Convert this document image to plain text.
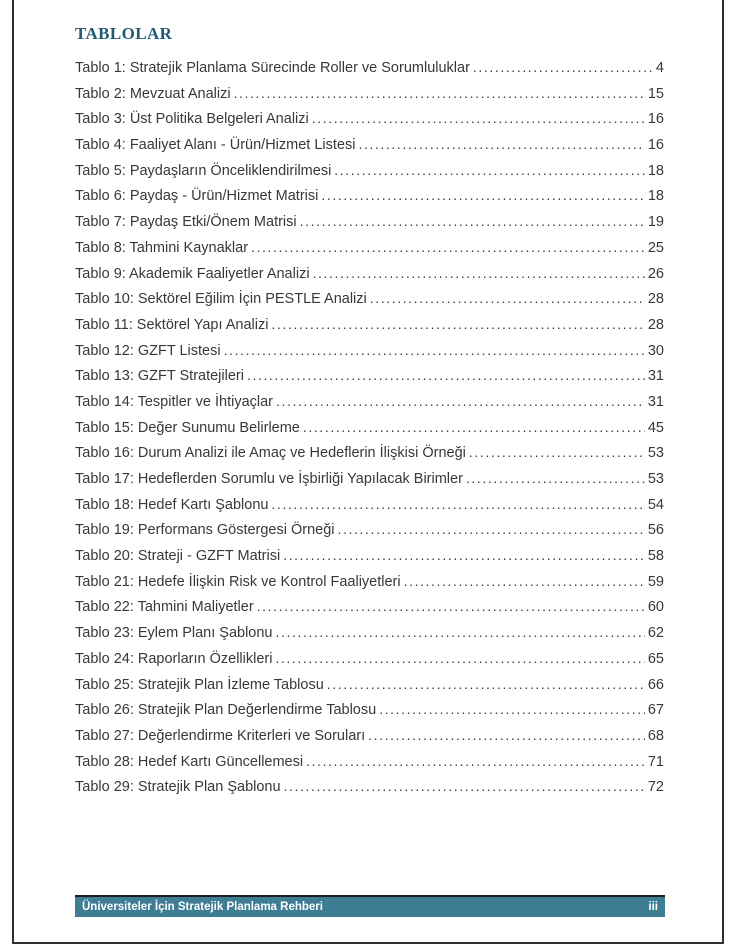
TABLOLAR
Tablo 1: Stratejik Planlama Sürecinde Roller ve Sorumluluklar .....	4
Tablo 2: Mevzuat Analizi .....	15
Tablo 3: Üst Politika Belgeleri Analizi .....	16
Tablo 4: Faaliyet Alanı - Ürün/Hizmet Listesi .....	16
Tablo 5: Paydaşların Önceliklendirilmesi .....	18
Tablo 6: Paydaş - Ürün/Hizmet Matrisi .....	18
Tablo 7: Paydaş Etki/Önem Matrisi .....	19
Tablo 8: Tahmini Kaynaklar .....	25
Tablo 9: Akademik Faaliyetler Analizi .....	26
Tablo 10: Sektörel Eğilim İçin PESTLE Analizi .....	28
Tablo 11: Sektörel Yapı Analizi .....	28
Tablo 12: GZFT Listesi .....	30
Tablo 13: GZFT Stratejileri .....	31
Tablo 14: Tespitler ve İhtiyaçlar .....	31
Tablo 15: Değer Sunumu Belirleme .....	45
Tablo 16: Durum Analizi ile Amaç ve Hedeflerin İlişkisi Örneği .....	53
Tablo 17: Hedeflerden Sorumlu ve İşbirliği Yapılacak Birimler .....	53
Tablo 18: Hedef Kartı Şablonu .....	54
Tablo 19: Performans Göstergesi Örneği .....	56
Tablo 20: Strateji - GZFT Matrisi .....	58
Tablo 21: Hedefe İlişkin Risk ve Kontrol Faaliyetleri .....	59
Tablo 22: Tahmini Maliyetler .....	60
Tablo 23: Eylem Planı Şablonu .....	62
Tablo 24: Raporların Özellikleri .....	65
Tablo 25: Stratejik Plan İzleme Tablosu .....	66
Tablo 26: Stratejik Plan Değerlendirme Tablosu .....	67
Tablo 27: Değerlendirme Kriterleri ve Soruları .....	68
Tablo 28: Hedef Kartı Güncellemesi .....	71
Tablo 29: Stratejik Plan Şablonu .....	72
Üniversiteler İçin Stratejik Planlama Rehberi	iii
